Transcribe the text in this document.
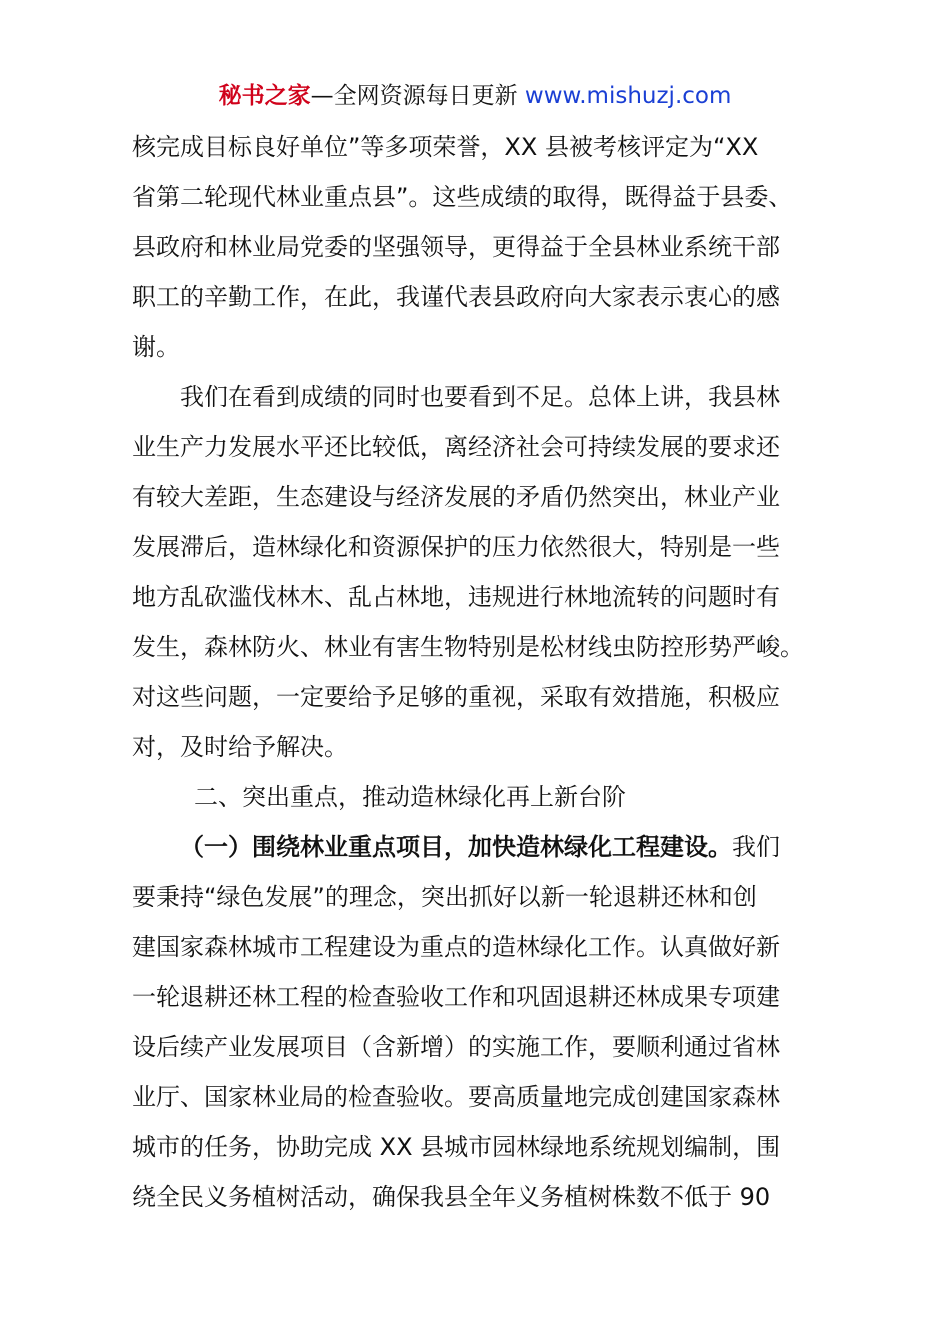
秘书之家—全网资源每日更新 www.mishuzj.com
核完成目标良好单位”等多项荣誉，XX 县被考核评定为“XX
省第二轮现代林业重点县”。这些成绩的取得，既得益于县委、
县政府和林业局党委的坚强领导，更得益于全县林业系统干部
职工的辛勤工作，在此，我谨代表县政府向大家表示衷心的感
谢。
我们在看到成绩的同时也要看到不足。总体上讲，我县林
业生产力发展水平还比较低，离经济社会可持续发展的要求还
有较大差距，生态建设与经济发展的矛盾仍然突出，林业产业
发展滞后，造林绿化和资源保护的压力依然很大，特别是一些
地方乱砍滥伐林木、乱占林地，违规进行林地流转的问题时有
发生，森林防火、林业有害生物特别是松材线虫防控形势严峻。
对这些问题，一定要给予足够的重视，采取有效措施，积极应
对，及时给予解决。
二、突出重点，推动造林绿化再上新台阶
（一）围绕林业重点项目，加快造林绿化工程建设。我们
要秉持“绿色发展”的理念，突出抓好以新一轮退耕还林和创
建国家森林城市工程建设为重点的造林绿化工作。认真做好新
一轮退耕还林工程的检查验收工作和巩固退耕还林成果专项建
设后续产业发展项目（含新增）的实施工作，要顺利通过省林
业厅、国家林业局的检查验收。要高质量地完成创建国家森林
城市的任务，协助完成 XX 县城市园林绿地系统规划编制，围
绕全民义务植树活动，确保我县全年义务植树株数不低于 90
